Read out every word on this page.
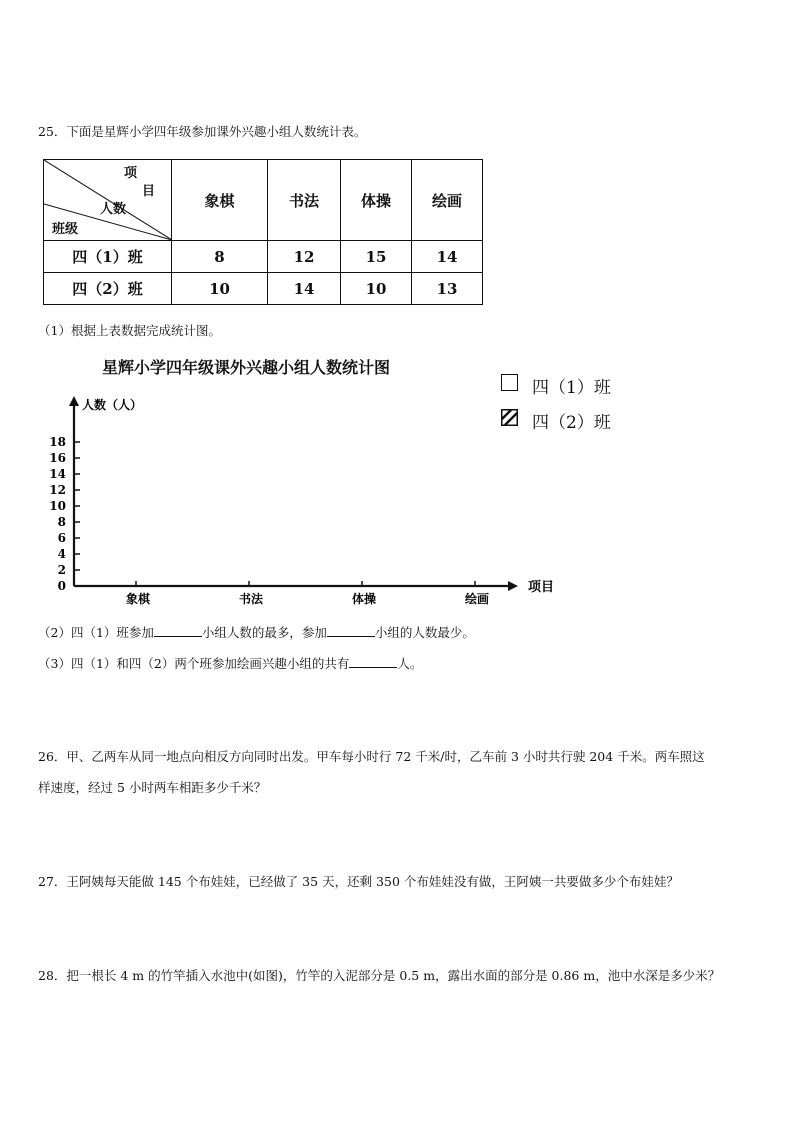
25．下面是星辉小学四年级参加课外兴趣小组人数统计表。
项
目
人数
班级	象棋	书法	体操	绘画
四（1）班	8	12	15	14
四（2）班	10	14	10	13
（1）根据上表数据完成统计图。
星辉小学四年级课外兴趣小组人数统计图
四（1）班
四（2）班
人数（人）
项目
0
2
4
6
8
10
12
14
16
18
象棋	书法	体操	绘画
（2）四（1）班参加	小组人数的最多，参加	小组的人数最少。
（3）四（1）和四（2）两个班参加绘画兴趣小组的共有	人。
26．甲、乙两车从同一地点向相反方向同时出发。甲车每小时行 72 千米/时，乙车前 3 小时共行驶 204 千米。两车照这
样速度，经过 5 小时两车相距多少千米？
27．王阿姨每天能做 145 个布娃娃，已经做了 35 天，还剩 350 个布娃娃没有做，王阿姨一共要做多少个布娃娃？
28．把一根长 4 m 的竹竿插入水池中(如图)，竹竿的入泥部分是 0.5 m，露出水面的部分是 0.86 m，池中水深是多少米？
